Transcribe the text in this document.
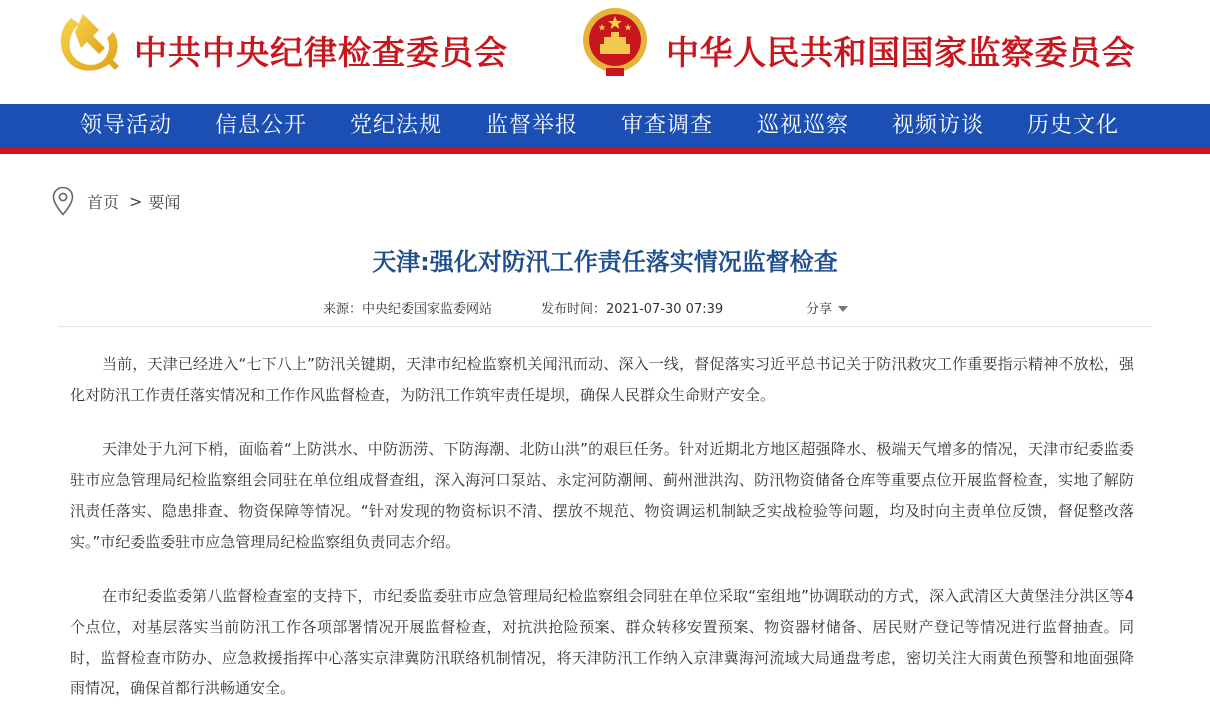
中共中央纪律检查委员会	中华人民共和国国家监察委员会
领导活动 信息公开 党纪法规 监督举报 审查调查 巡视巡察 视频访谈 历史文化
首页 > 要闻
天津:强化对防汛工作责任落实情况监督检查
来源：中央纪委国家监委网站	发布时间：2021-07-30 07:39	分享

当前，天津已经进入“七下八上”防汛关键期，天津市纪检监察机关闻汛而动、深入一线，督促落实习近平总书记关于防汛救灾工作重要指示精神不放松，强化对防汛工作责任落实情况和工作作风监督检查，为防汛工作筑牢责任堤坝，确保人民群众生命财产安全。

天津处于九河下梢，面临着“上防洪水、中防沥涝、下防海潮、北防山洪”的艰巨任务。针对近期北方地区超强降水、极端天气增多的情况，天津市纪委监委驻市应急管理局纪检监察组会同驻在单位组成督查组，深入海河口泵站、永定河防潮闸、蓟州泄洪沟、防汛物资储备仓库等重要点位开展监督检查，实地了解防汛责任落实、隐患排查、物资保障等情况。“针对发现的物资标识不清、摆放不规范、物资调运机制缺乏实战检验等问题，均及时向主责单位反馈，督促整改落实。”市纪委监委驻市应急管理局纪检监察组负责同志介绍。

在市纪委监委第八监督检查室的支持下，市纪委监委驻市应急管理局纪检监察组会同驻在单位采取“室组地”协调联动的方式，深入武清区大黄堡洼分洪区等4个点位，对基层落实当前防汛工作各项部署情况开展监督检查，对抗洪抢险预案、群众转移安置预案、物资器材储备、居民财产登记等情况进行监督抽查。同时，监督检查市防办、应急救援指挥中心落实京津冀防汛联络机制情况，将天津防汛工作纳入京津冀海河流域大局通盘考虑，密切关注大雨黄色预警和地面强降雨情况，确保首都行洪畅通安全。
